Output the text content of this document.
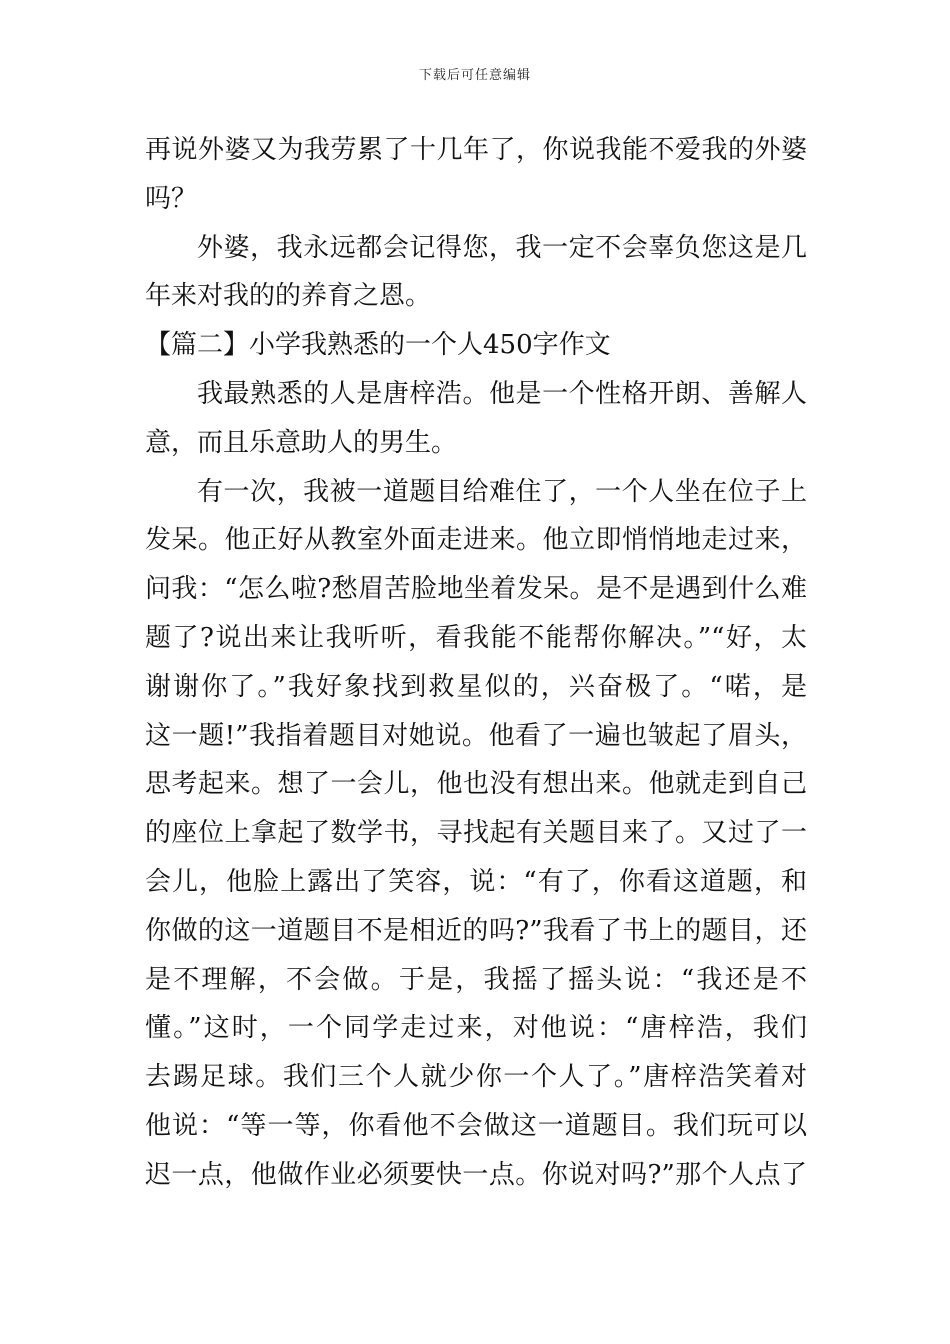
下载后可任意编辑
再说外婆又为我劳累了十几年了，你说我能不爱我的外婆
吗？
外婆，我永远都会记得您，我一定不会辜负您这是几
年来对我的的养育之恩。
【篇二】小学我熟悉的一个人450字作文
我最熟悉的人是唐梓浩。他是一个性格开朗、善解人
意，而且乐意助人的男生。
有一次，我被一道题目给难住了，一个人坐在位子上
发呆。他正好从教室外面走进来。他立即悄悄地走过来，
问我：“怎么啦?愁眉苦脸地坐着发呆。是不是遇到什么难
题了?说出来让我听听，看我能不能帮你解决。”“好，太
谢谢你了。”我好象找到救星似的，兴奋极了。“喏，是
这一题!”我指着题目对她说。他看了一遍也皱起了眉头，
思考起来。想了一会儿，他也没有想出来。他就走到自己
的座位上拿起了数学书，寻找起有关题目来了。又过了一
会儿，他脸上露出了笑容，说：“有了，你看这道题，和
你做的这一道题目不是相近的吗?”我看了书上的题目，还
是不理解，不会做。于是，我摇了摇头说：“我还是不
懂。”这时，一个同学走过来，对他说：“唐梓浩，我们
去踢足球。我们三个人就少你一个人了。”唐梓浩笑着对
他说：“等一等，你看他不会做这一道题目。我们玩可以
迟一点，他做作业必须要快一点。你说对吗?”那个人点了
